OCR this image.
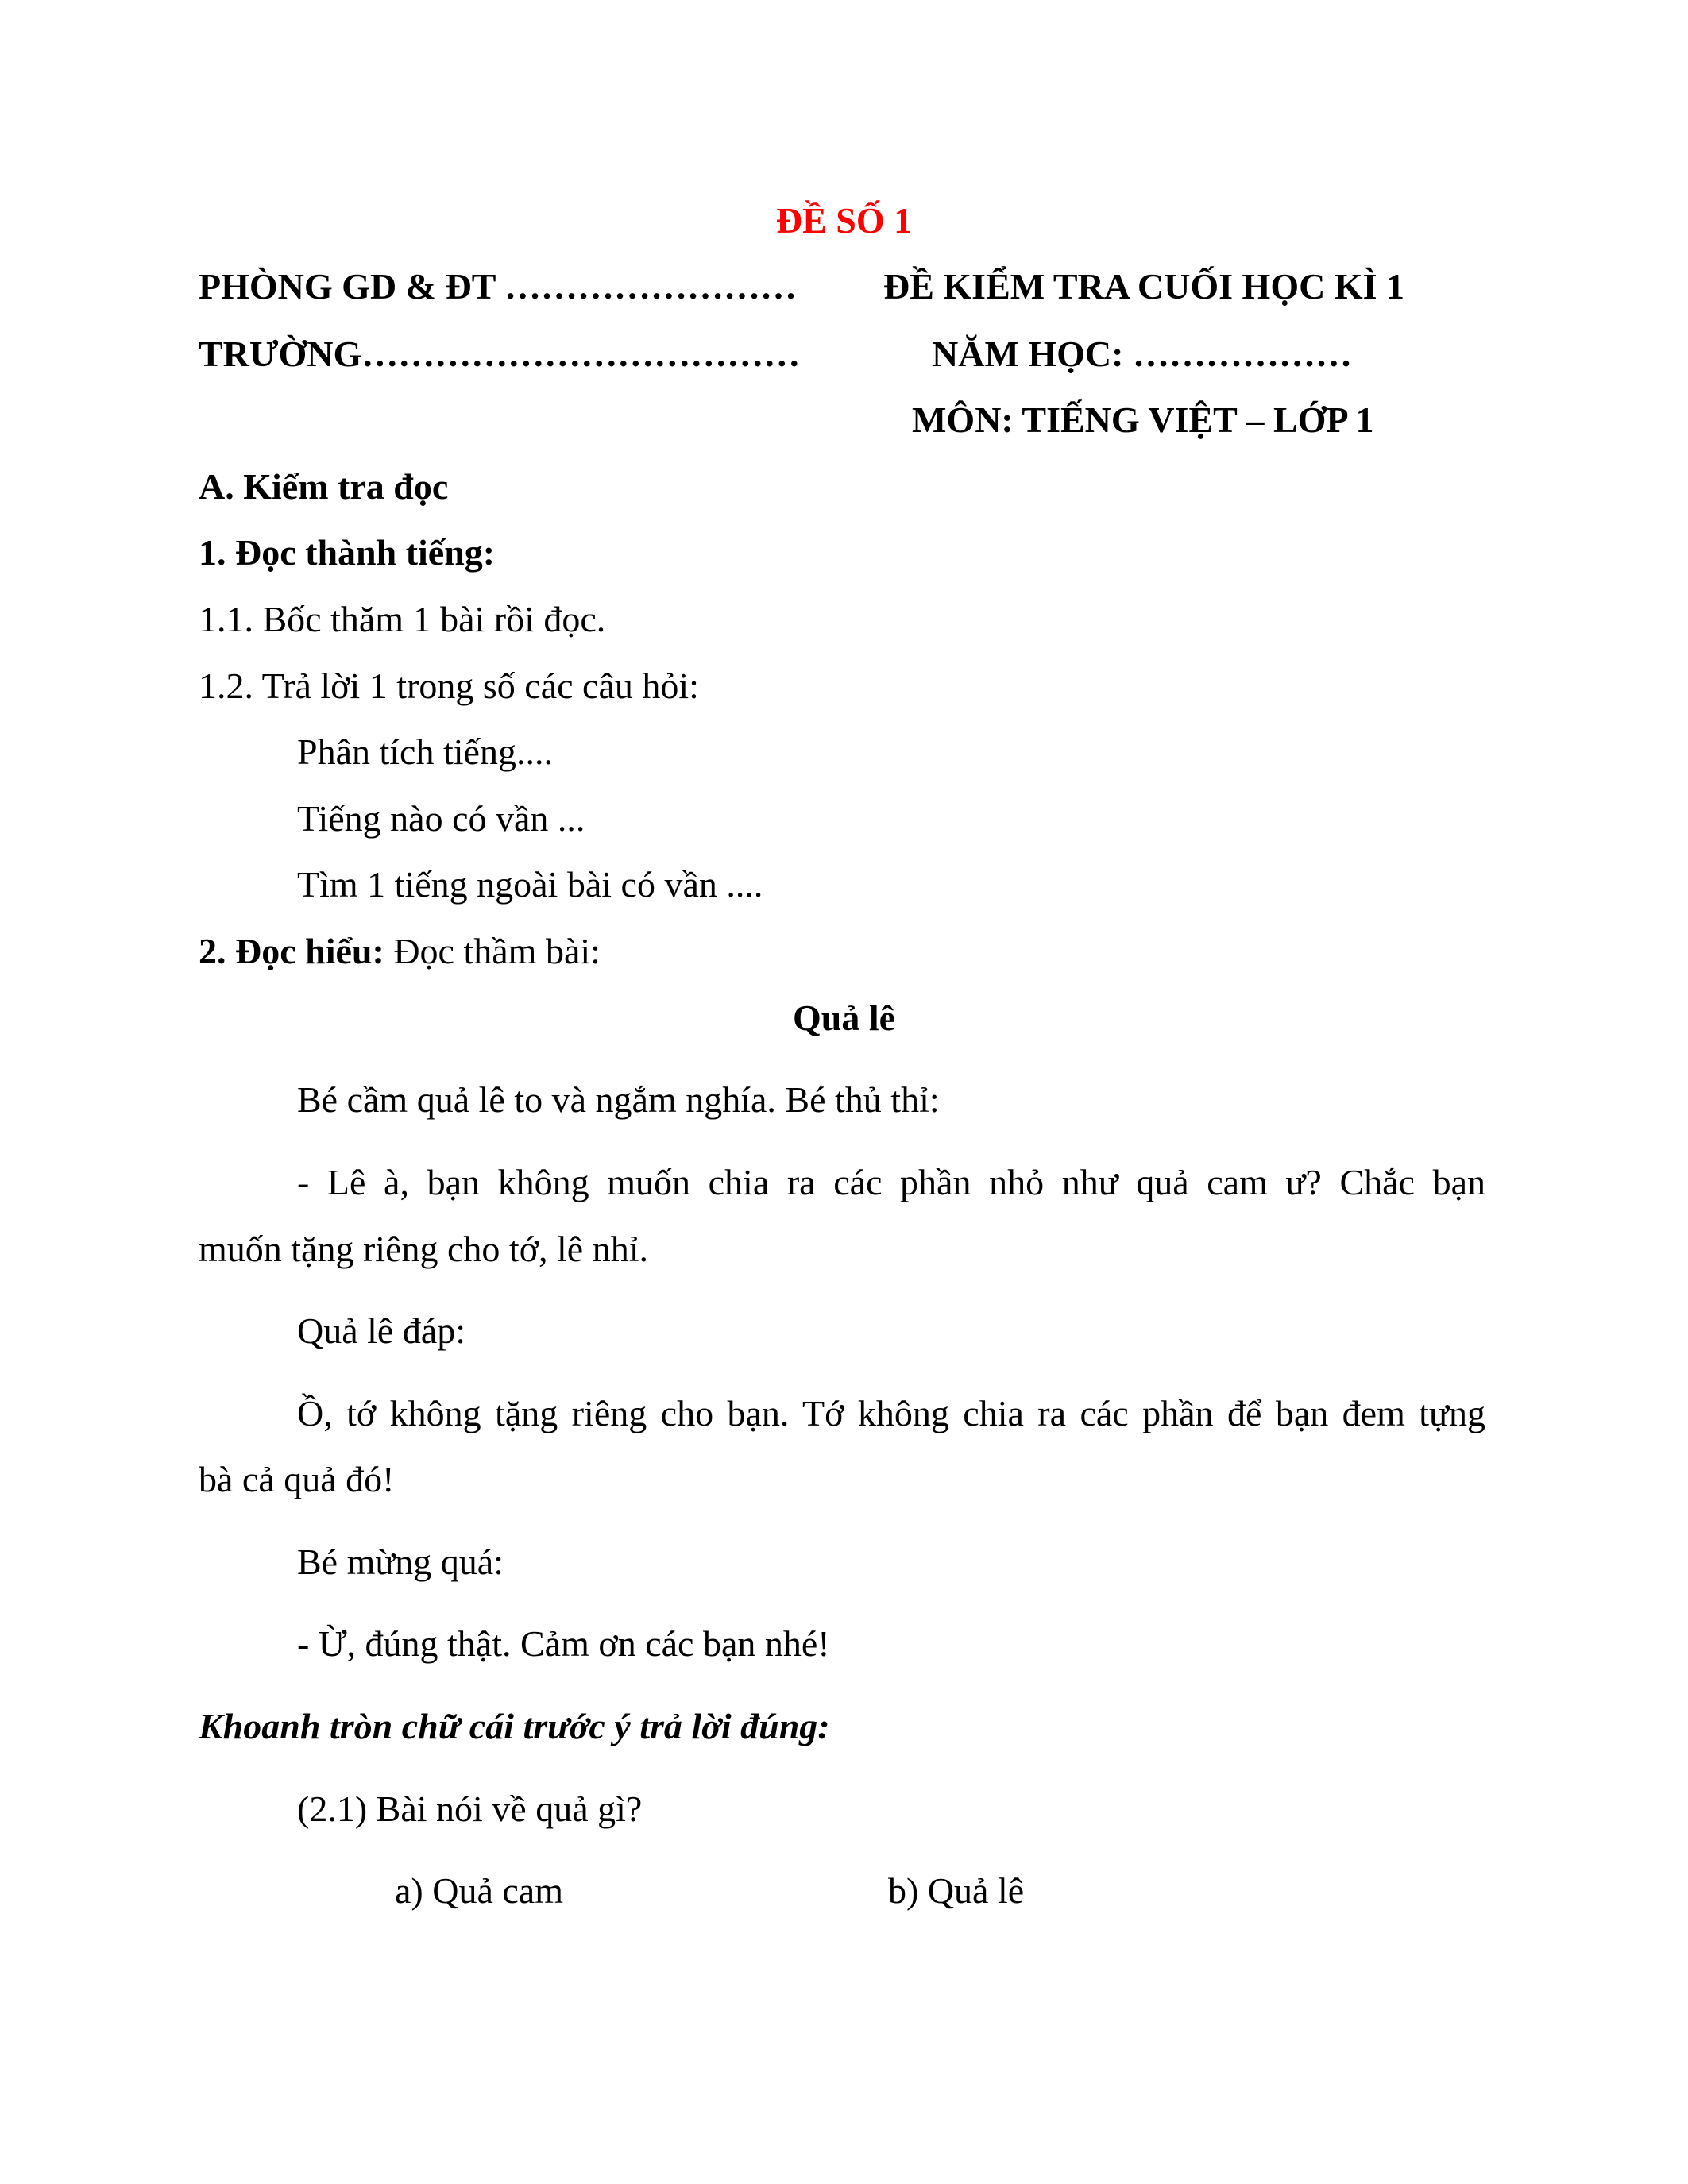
ĐỀ SỐ 1
PHÒNG GD & ĐT …………………… ĐỀ KIỂM TRA CUỐI HỌC KÌ 1
TRƯỜNG………………………………	NĂM HỌC: ………………
MÔN: TIẾNG VIỆT – LỚP 1
A. Kiểm tra đọc
1. Đọc thành tiếng:
1.1. Bốc thăm 1 bài rồi đọc.
1.2. Trả lời 1 trong số các câu hỏi:
Phân tích tiếng....
Tiếng nào có vần ...
Tìm 1 tiếng ngoài bài có vần ....
2. Đọc hiểu: Đọc thầm bài:
Quả lê
Bé cầm quả lê to và ngắm nghía. Bé thủ thỉ:
- Lê à, bạn không muốn chia ra các phần nhỏ như quả cam ư? Chắc bạn
muốn tặng riêng cho tớ, lê nhỉ.
Quả lê đáp:
Ồ, tớ không tặng riêng cho bạn. Tớ không chia ra các phần để bạn đem tựng
bà cả quả đó!
Bé mừng quá:
- Ừ, đúng thật. Cảm ơn các bạn nhé!
Khoanh tròn chữ cái trước ý trả lời đúng:
(2.1) Bài nói về quả gì?
a) Quả cam	b) Quả lê
